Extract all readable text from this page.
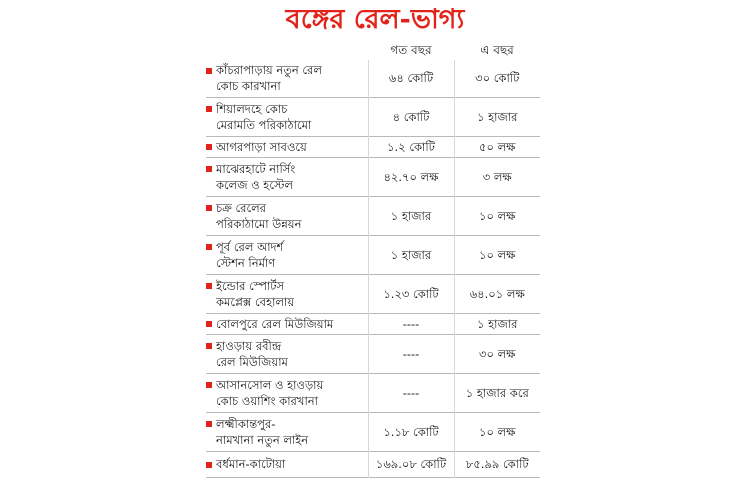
বঙ্গের রেল-ভাগ্য
গত বছর	এ বছর
কাঁচরাপাড়ায় নতুন রেল
কোচ কারখানা	৬৪ কোটি	৩০ কোটি

শিয়ালদহে কোচ
মেরামতি পরিকাঠামো	৪ কোটি	১ হাজার

আগরপাড়া সাবওয়ে	১.২ কোটি	৫০ লক্ষ

মাঝেরহাটে নার্সিং
কলেজ ও হস্টেল	৪২.৭০ লক্ষ	৩ লক্ষ

চক্র রেলের
পরিকাঠামো উন্নয়ন	১ হাজার	১০ লক্ষ

পূর্ব রেল আদর্শ
স্টেশন নির্মাণ	১ হাজার	১০ লক্ষ

ইন্ডোর স্পোর্টস
কমপ্লেক্স বেহালায়	১.২৩ কোটি	৬৪.০১ লক্ষ

বোলপুরে রেল মিউজিয়াম	----	১ হাজার

হাওড়ায় রবীন্দ্র
রেল মিউজিয়াম	----	৩০ লক্ষ

আসানসোল ও হাওড়ায়
কোচ ওয়াশিং কারখানা	----	১ হাজার করে

লক্ষ্মীকান্তপুর-
নামখানা নতুন লাইন	১.১৮ কোটি	১০ লক্ষ

বর্ধমান-কাটোয়া	১৬৯.০৮ কোটি	৮৫.৯৯ কোটি
